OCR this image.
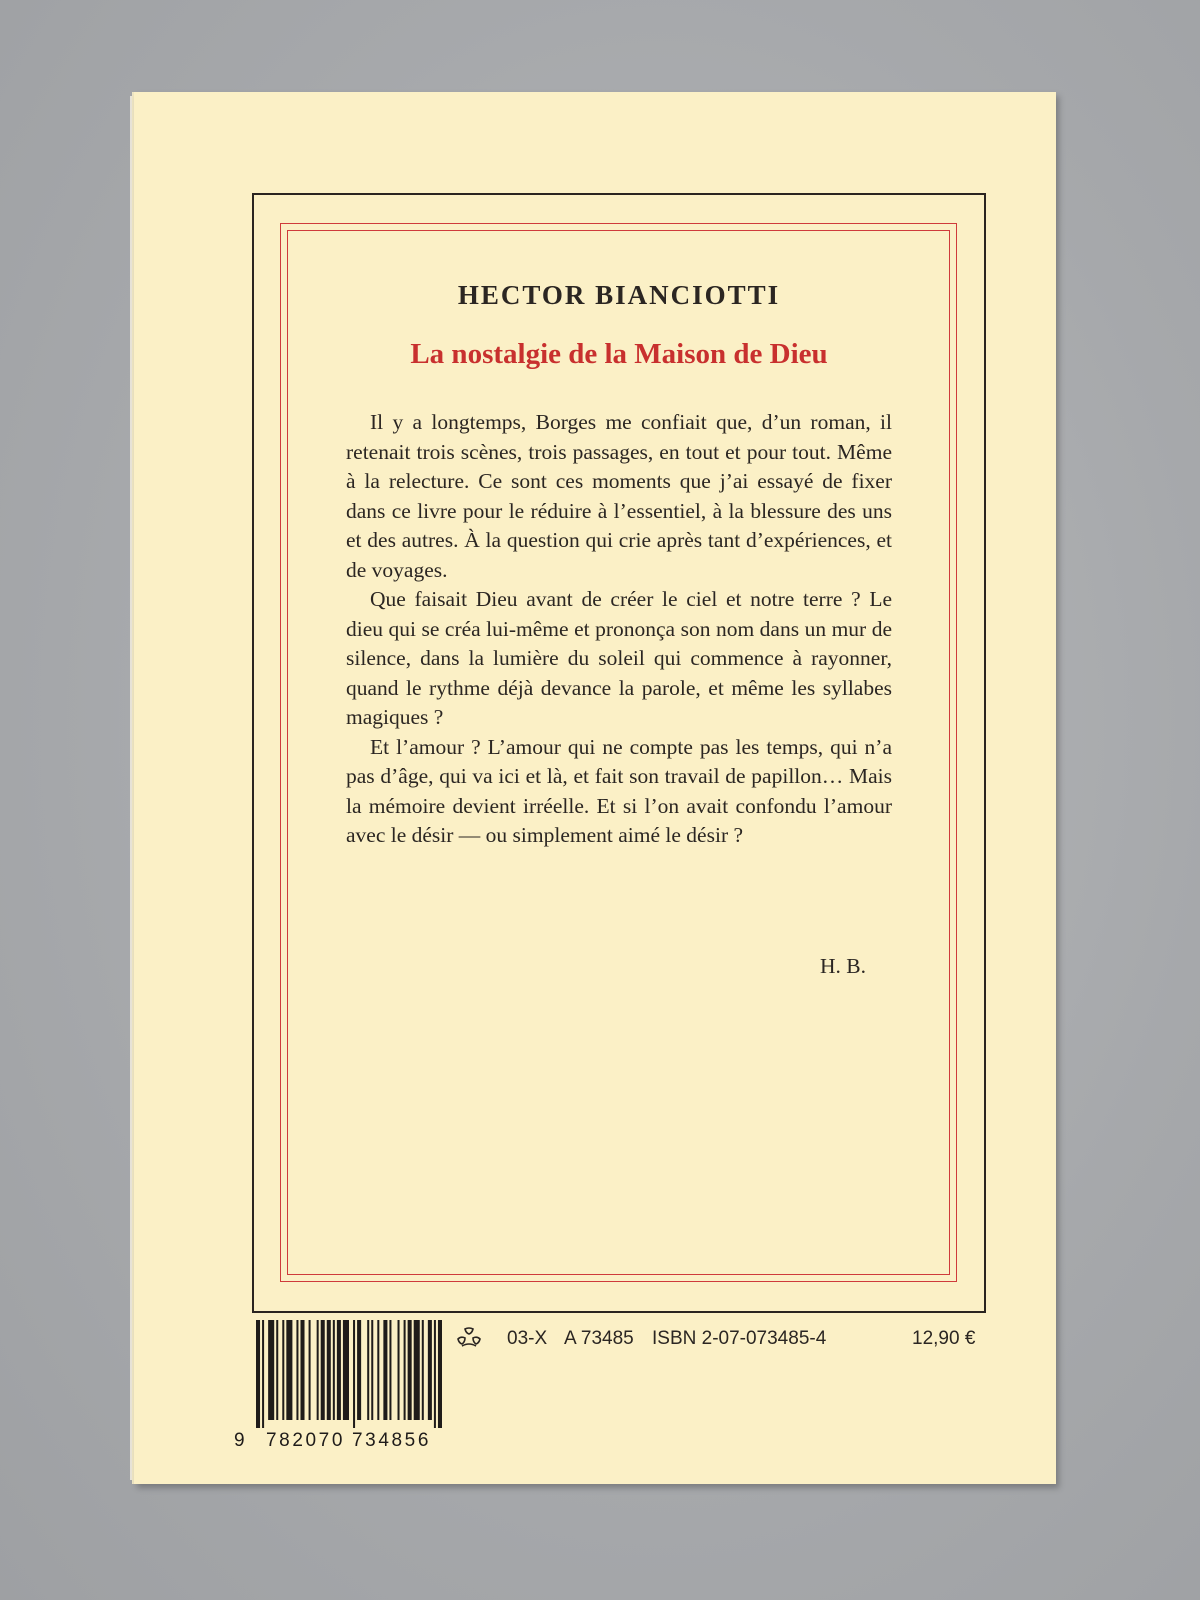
HECTOR BIANCIOTTI
La nostalgie de la Maison de Dieu

Il y a longtemps, Borges me confiait que, d’un roman, il retenait trois scènes, trois passages, en tout et pour tout. Même à la relecture. Ce sont ces moments que j’ai essayé de fixer dans ce livre pour le réduire à l’essentiel, à la blessure des uns et des autres. À la question qui crie après tant d’expériences, et de voyages.

Que faisait Dieu avant de créer le ciel et notre terre ? Le dieu qui se créa lui-même et prononça son nom dans un mur de silence, dans la lumière du soleil qui commence à rayonner, quand le rythme déjà devance la parole, et même les syllabes magiques ?

Et l’amour ? L’amour qui ne compte pas les temps, qui n’a pas d’âge, qui va ici et là, et fait son travail de papillon… Mais la mémoire devient irréelle. Et si l’on avait confondu l’amour avec le désir — ou simplement aimé le désir ?

H. B.
9 782070 734856
03-X A 73485 ISBN 2-07-073485-4	12,90 €
